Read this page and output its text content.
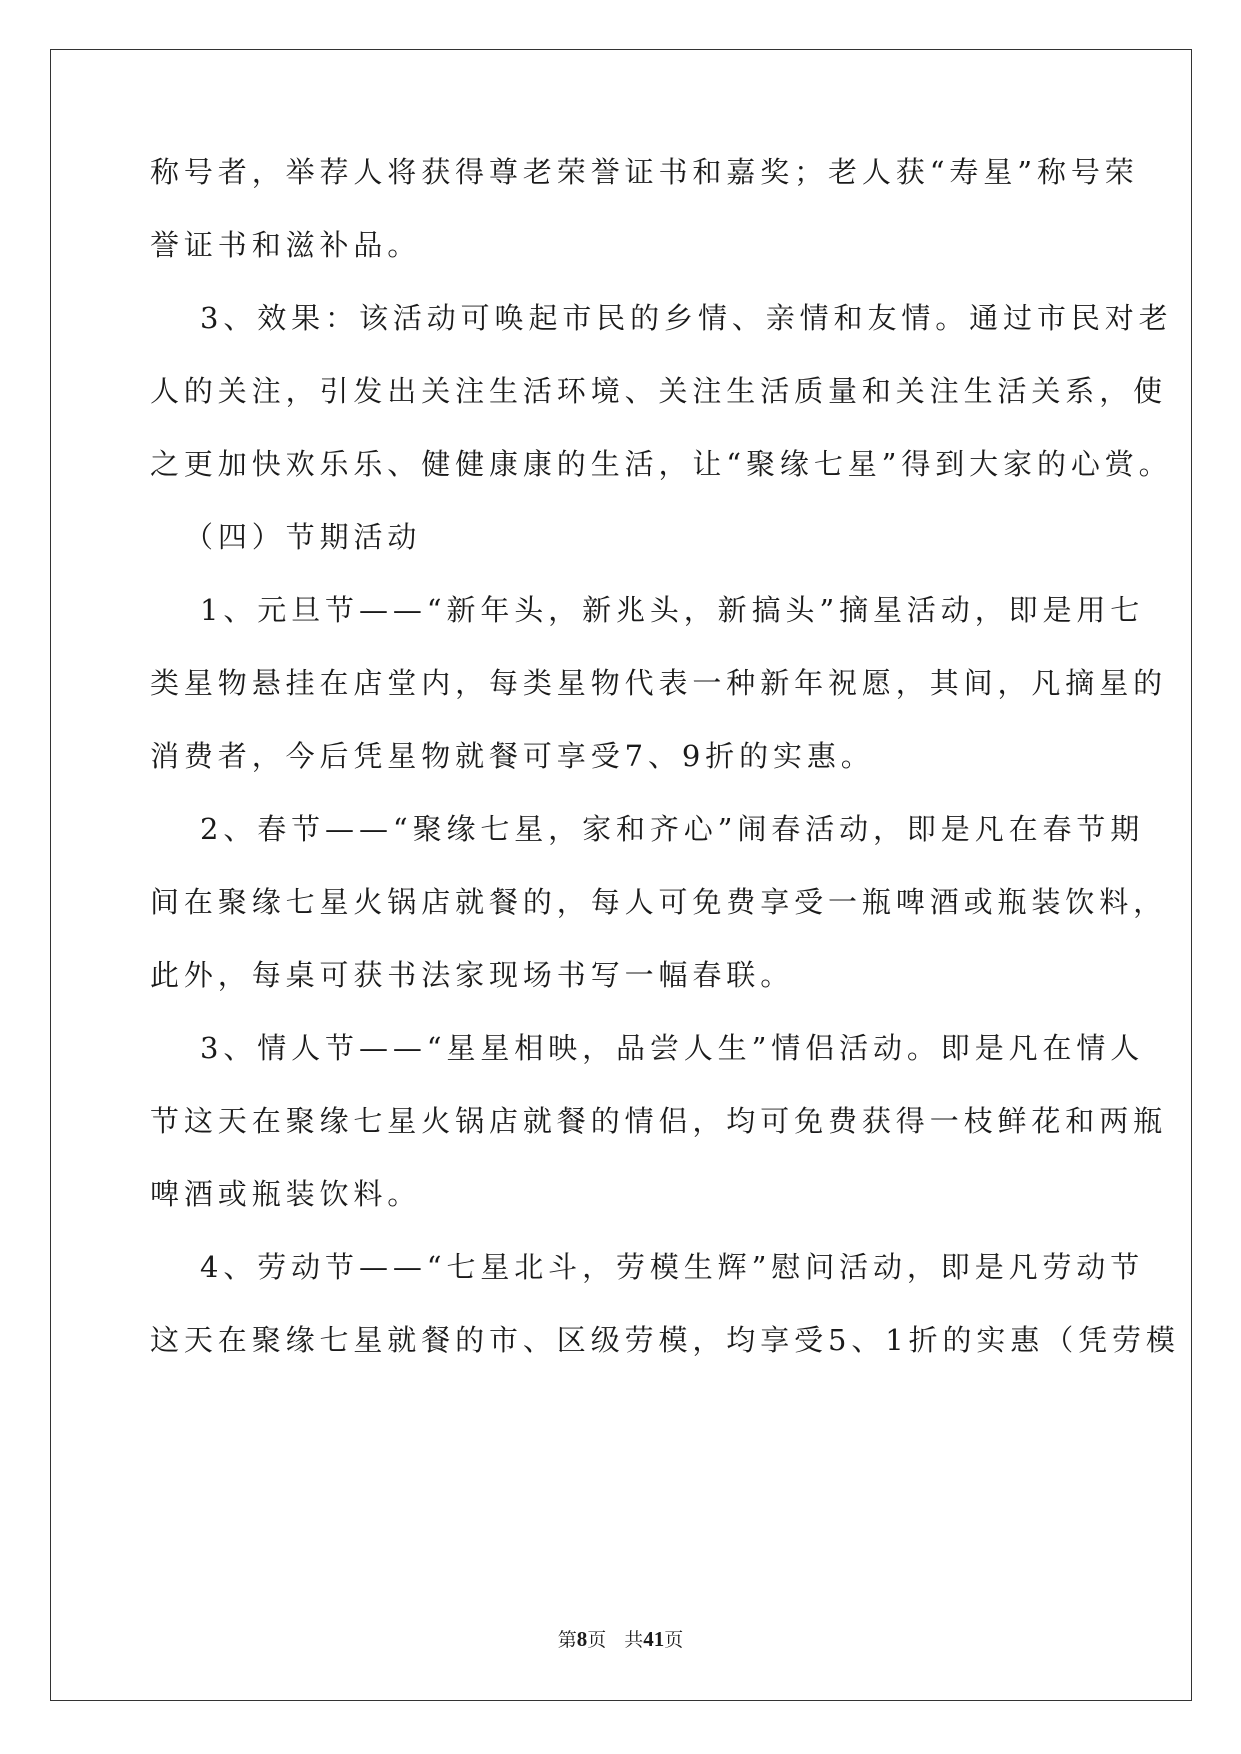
称号者，举荐人将获得尊老荣誉证书和嘉奖；老人获“寿星”称号荣
誉证书和滋补品。
3、效果：该活动可唤起市民的乡情、亲情和友情。通过市民对老
人的关注，引发出关注生活环境、关注生活质量和关注生活关系，使
之更加快欢乐乐、健健康康的生活，让“聚缘七星”得到大家的心赏。
（四）节期活动
1、元旦节——“新年头，新兆头，新搞头”摘星活动，即是用七
类星物悬挂在店堂内，每类星物代表一种新年祝愿，其间，凡摘星的
消费者，今后凭星物就餐可享受7、9折的实惠。
2、春节——“聚缘七星，家和齐心”闹春活动，即是凡在春节期
间在聚缘七星火锅店就餐的，每人可免费享受一瓶啤酒或瓶装饮料，
此外，每桌可获书法家现场书写一幅春联。
3、情人节——“星星相映，品尝人生”情侣活动。即是凡在情人
节这天在聚缘七星火锅店就餐的情侣，均可免费获得一枝鲜花和两瓶
啤酒或瓶装饮料。
4、劳动节——“七星北斗，劳模生辉”慰问活动，即是凡劳动节
这天在聚缘七星就餐的市、区级劳模，均享受5、1折的实惠（凭劳模
第8页 共41页
